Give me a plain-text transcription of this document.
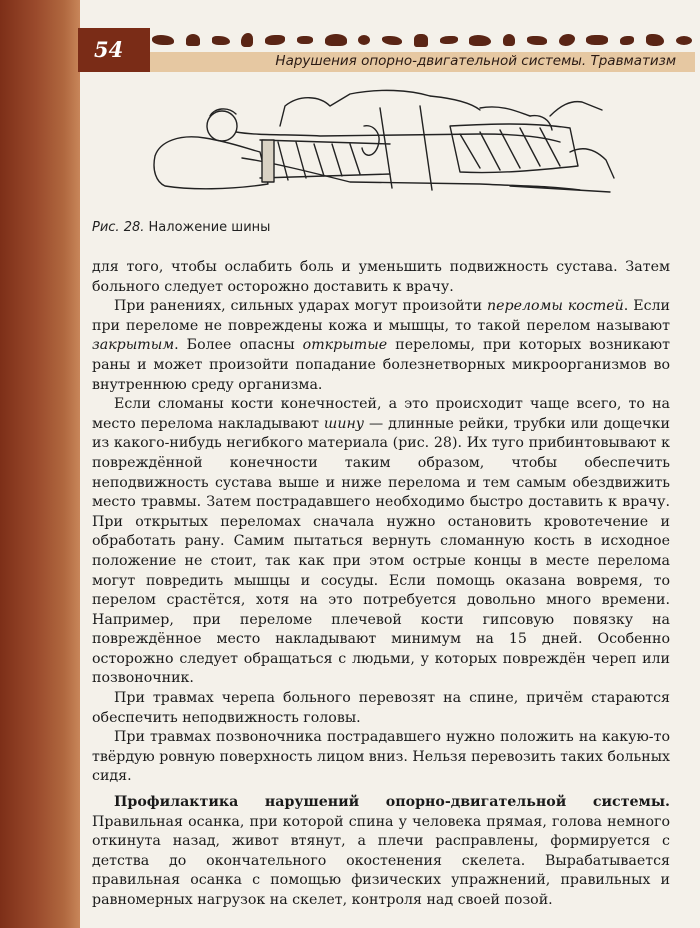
54	Нарушения опорно-двигательной системы. Травматизм
Рис. 28. Наложение шины

для того, чтобы ослабить боль и уменьшить подвижность сустава. Затем больного следует осторожно доставить к врачу.

При ранениях, сильных ударах могут произойти переломы костей. Если при переломе не повреждены кожа и мышцы, то такой перелом называют закрытым. Более опасны открытые переломы, при которых возникают раны и может произойти попадание болезнетворных микроорганизмов во внутреннюю среду организма.

Если сломаны кости конечностей, а это происходит чаще всего, то на место перелома накладывают шину — длинные рейки, трубки или дощечки из какого-нибудь негибкого материала (рис. 28). Их туго прибинтовывают к повреждённой конечности таким образом, чтобы обеспечить неподвижность сустава выше и ниже перелома и тем самым обездвижить место травмы. Затем пострадавшего необходимо быстро доставить к врачу. При открытых переломах сначала нужно остановить кровотечение и обработать рану. Самим пытаться вернуть сломанную кость в исходное положение не стоит, так как при этом острые концы в месте перелома могут повредить мышцы и сосуды. Если помощь оказана вовремя, то перелом срастётся, хотя на это потребуется довольно много времени. Например, при переломе плечевой кости гипсовую повязку на повреждённое место накладывают минимум на 15 дней. Особенно осторожно следует обращаться с людьми, у которых повреждён череп или позвоночник.

При травмах черепа больного перевозят на спине, причём стараются обеспечить неподвижность головы.

При травмах позвоночника пострадавшего нужно положить на какую-то твёрдую ровную поверхность лицом вниз. Нельзя перевозить таких больных сидя.

Профилактика нарушений опорно-двигательной системы. Правильная осанка, при которой спина у человека прямая, голова немного откинута назад, живот втянут, а плечи расправлены, формируется с детства до окончательного окостенения скелета. Вырабатывается правильная осанка с помощью физических упражнений, правильных и равномерных нагрузок на скелет, контроля над своей позой.
